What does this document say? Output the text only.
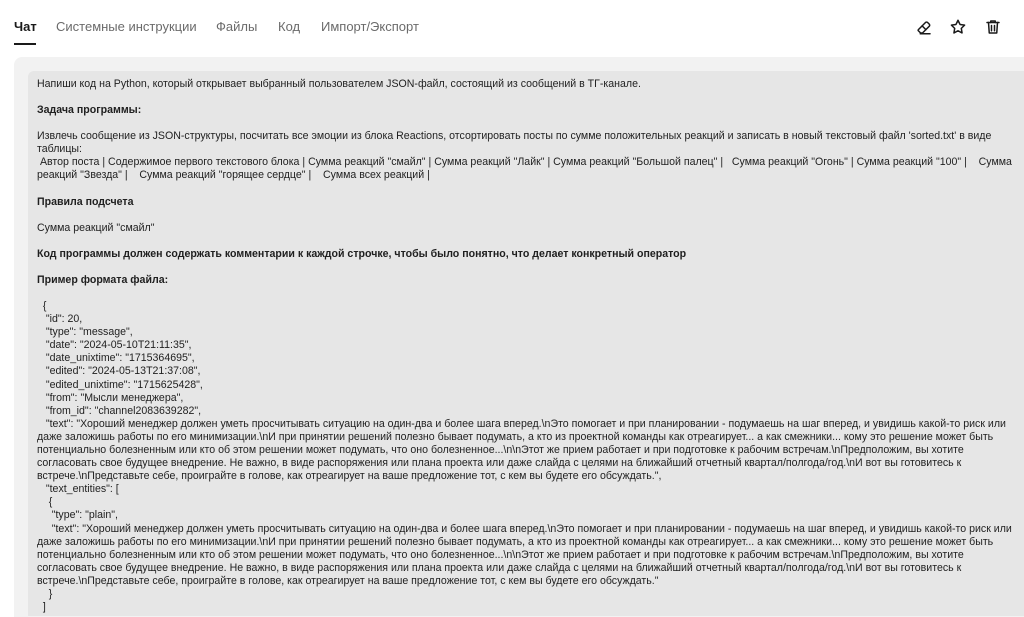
Чат Системные инструкции Файлы Код Импорт/Экспорт

Напиши код на Python, который открывает выбранный пользователем JSON-файл, состоящий из сообщений в ТГ-канале.

Задача программы:

Извлечь сообщение из JSON-структуры, посчитать все эмоции из блока Reactions, отсортировать посты по сумме положительных реакций и записать в новый текстовый файл 'sorted.txt' в виде таблицы:

Автор поста | Содержимое первого текстового блока | Сумма реакций "смайл" | Сумма реакций "Лайк" | Сумма реакций "Большой палец" |   Сумма реакций "Огонь" | Сумма реакций "100" |    Сумма реакций "Звезда" |    Сумма реакций "горящее сердце" |    Сумма всех реакций |

Правила подсчета

Сумма реакций "смайл"

Код программы должен содержать комментарии к каждой строчке, чтобы было понятно, что делает конкретный оператор

Пример формата файла:

{
"id": 20,
"type": "message",
"date": "2024-05-10T21:11:35",
"date_unixtime": "1715364695",
"edited": "2024-05-13T21:37:08",
"edited_unixtime": "1715625428",
"from": "Мысли менеджера",
"from_id": "channel2083639282",
"text": "Хороший менеджер должен уметь просчитывать ситуацию на один-два и более шага вперед.\nЭто помогает и при планировании - подумаешь на шаг вперед, и увидишь какой-то риск или даже заложишь работы по его минимизации.\nИ при принятии решений полезно бывает подумать, а кто из проектной команды как отреагирует... а как смежники... кому это решение может быть потенциально болезненным или кто об этом решении может подумать, что оно болезненное...\n\nЭтот же прием работает и при подготовке к рабочим встречам.\nПредположим, вы хотите согласовать свое будущее внедрение. Не важно, в виде распоряжения или плана проекта или даже слайда с целями на ближайший отчетный квартал/полгода/год.\nИ вот вы готовитесь к встрече.\nПредставьте себе, проиграйте в голове, как отреагирует на ваше предложение тот, с кем вы будете его обсуждать.",
"text_entities": [
{
"type": "plain",
"text": "Хороший менеджер должен уметь просчитывать ситуацию на один-два и более шага вперед.\nЭто помогает и при планировании - подумаешь на шаг вперед, и увидишь какой-то риск или даже заложишь работы по его минимизации.\nИ при принятии решений полезно бывает подумать, а кто из проектной команды как отреагирует... а как смежники... кому это решение может быть потенциально болезненным или кто об этом решении может подумать, что оно болезненное...\n\nЭтот же прием работает и при подготовке к рабочим встречам.\nПредположим, вы хотите согласовать свое будущее внедрение. Не важно, в виде распоряжения или плана проекта или даже слайда с целями на ближайший отчетный квартал/полгода/год.\nИ вот вы готовитесь к встрече.\nПредставьте себе, проиграйте в голове, как отреагирует на ваше предложение тот, с кем вы будете его обсуждать."
}
]
